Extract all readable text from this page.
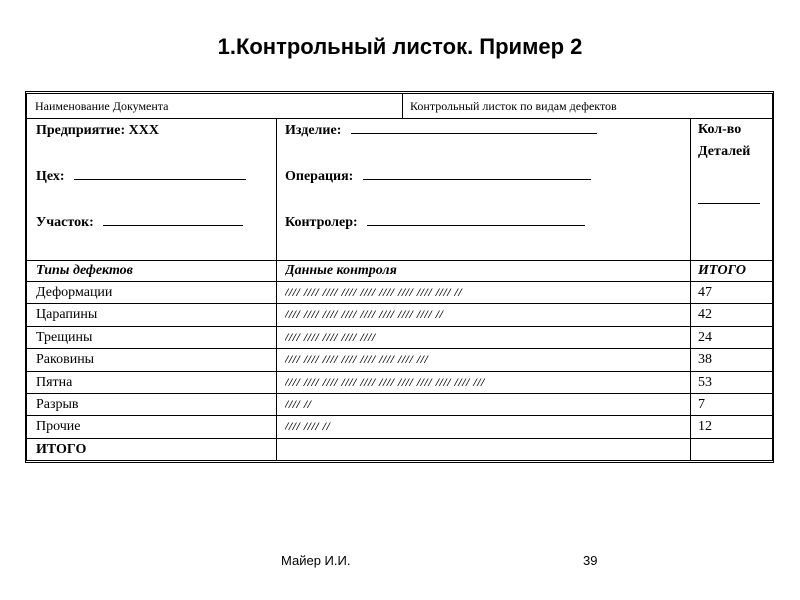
1.Контрольный листок. Пример 2
Наименование Документа	Контрольный листок по видам дефектов
Предприятие: XXX
Цех:
Участок:
Изделие:
Операция:
Контролер:
Кол-во
Деталей
Типы дефектов	Данные контроля	ИТОГО
Деформации	//// //// //// //// //// //// //// //// //// //	47
Царапины	//// //// //// //// //// //// //// //// //	42
Трещины	//// //// //// //// ////	24
Раковины	//// //// //// //// //// //// //// ///	38
Пятна	//// //// //// //// //// //// //// //// //// //// ///	53
Разрыв	//// //	7
Прочие	//// //// //	12
ИТОГО
Майер И.И.	39
